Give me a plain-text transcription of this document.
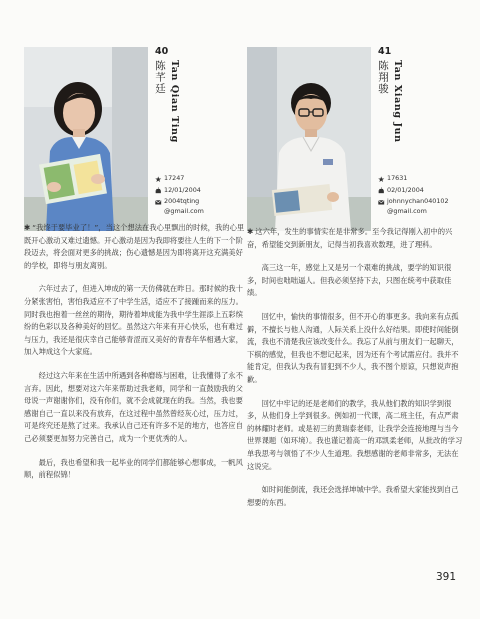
40
陈芊廷 Tan Qian Ting
17247
12/01/2004
2004tqting
@gmail.com

✱ “我终于要毕业了！”，当这个想法在我心里飘出的时候，我的心里既开心激动又难过遗憾。开心激动是因为我即将要往人生的下一个阶段迈去，将会面对更多的挑战；伤心遗憾是因为即将离开这充满美好的学校，即将与朋友离别。

六年过去了，但进入坤成的第一天仿佛就在昨日。那时候的我十分紧张害怕，害怕我适应不了中学生活，适应不了接踵而来的压力。同时我也抱着一丝丝的期待，期待着坤成能为我中学生涯添上五彩缤纷的色彩以及各种美好的回忆。虽然这六年来有开心快乐，也有难过与压力，我还是很庆幸自己能够青涩而又美好的青春年华相遇大家，加入坤成这个大家庭。

经过这六年来在生活中所遇到各种磨练与困难，让我懂得了永不言弃。因此，想要对这六年来帮助过我老师，同学和一直鼓励我的父母说一声谢谢你们，没有你们，就不会成就现在的我。当然，我也要感谢自己一直以来没有放弃，在这过程中虽然曾经灰心过，压力过，可是终究还是熬了过来。我承认自己还有许多不足的地方，也答应自己必须要更加努力完善自己，成为一个更优秀的人。

最后，我也希望和我一起毕业的同学们都能够心想事成，一帆风顺，前程似锦！

41
陈翔骏 Tan Xiang Jun
17631
02/01/2004
johnnychan040102
@gmail.com

✱ 这六年，发生的事情实在是非常多。至今我记得刚入初中的兴奋，希望能交到新朋友，记得当初我喜欢数理，进了理科。

高三这一年，感觉上又是另一个艰难的挑战，要学的知识很多，时间也咄咄逼人。但我必须坚持下去，只图在统考中获取佳绩。

回忆中，愉快的事情很多，但不开心的事更多。我向来有点孤僻，不擅长与他人沟通，人际关系上没什么好结果。即使时间能倒流，我也不清楚我应该改变什么。我忘了从前与朋友们一起聊天，下棋的感觉，但我也不想记起来，因为还有个考试需应付。我并不能肯定，但我认为我有冒犯到不少人，我不图个原谅，只想说声抱歉。

回忆中牢记的还是老师们的教学，我从他们教的知识学到很多，从他们身上学到很多。例如初一代课，高二班主任，有点严肃的林耀时老师。或是初三的黄瑞泰老师，让我学会连接地理与当今世界课题（如环境）。我也谨记着高一的邓凯柔老师，从批改的学习单我思考与领悟了不少人生道理。我想感谢的老师非常多，无法在这说完。

如时间能倒流，我还会选择坤城中学。我希望大家能找到自己想要的东西。

391
